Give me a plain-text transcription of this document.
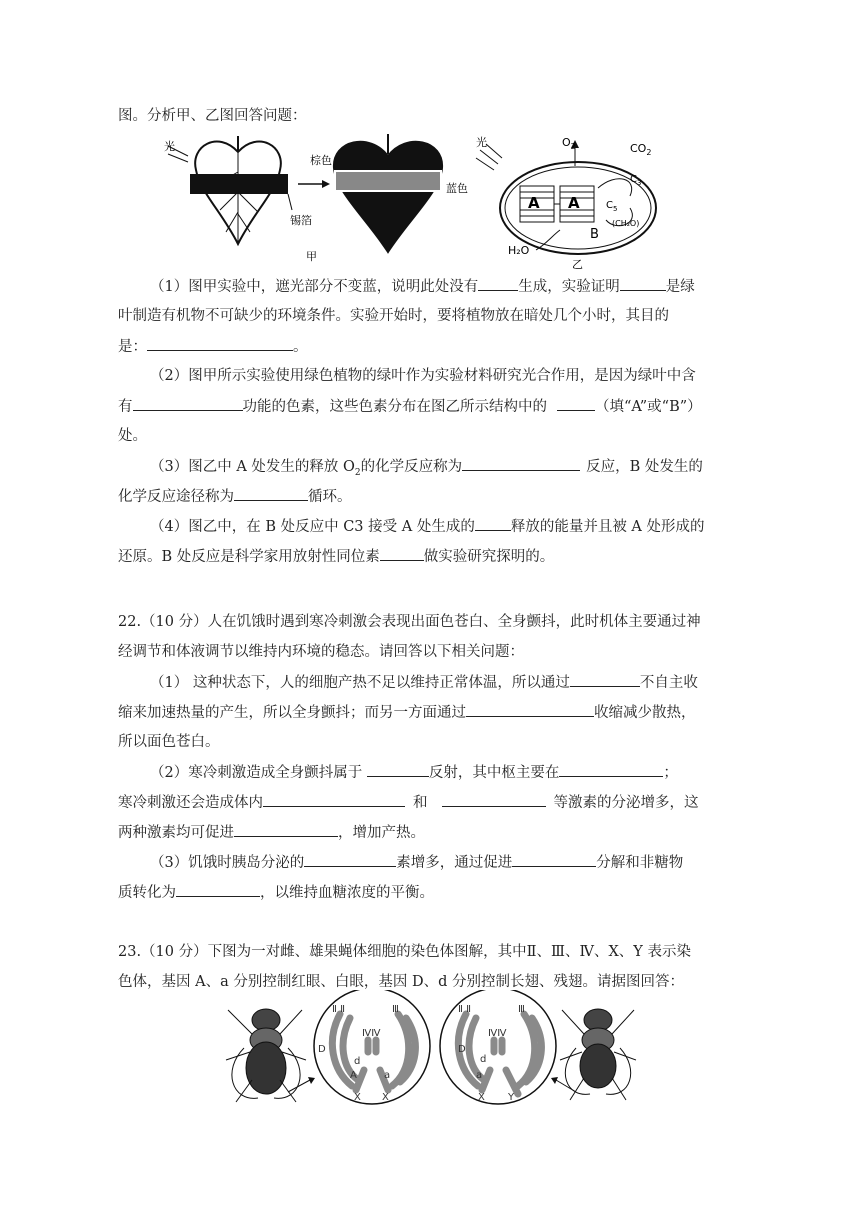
图。分析甲、乙图回答问题：
光
锡箔
棕色
蓝色
甲
光	$O_2$	$CO_2$
$C_3$
$C_5$
(CH₂O)
A A
B
H₂O
乙
（1）图甲实验中，遮光部分不变蓝，说明此处没有	生成，实验证明	是绿
叶制造有机物不可缺少的环境条件。实验开始时，要将植物放在暗处几个小时，其目的
是：	。
（2）图甲所示实验使用绿色植物的绿叶作为实验材料研究光合作用，是因为绿叶中含
有	功能的色素，这些色素分布在图乙所示结构中的	（填“A”或“B”）
处。
（3）图乙中 A 处发生的释放 $O_2$的化学反应称为	反应，B 处发生的
化学反应途径称为	循环。
（4）图乙中，在 B 处反应中 C3 接受 A 处生成的 释放的能量并且被 A 处形成的
还原。B 处反应是科学家用放射性同位素	做实验研究探明的。
22.（10 分）人在饥饿时遇到寒冷刺激会表现出面色苍白、全身颤抖，此时机体主要通过神
经调节和体液调节以维持内环境的稳态。请回答以下相关问题：
（1） 这种状态下，人的细胞产热不足以维持正常体温，所以通过	不自主收
缩来加速热量的产生，所以全身颤抖；而另一方面通过	收缩减少散热，
所以面色苍白。
（2）寒冷刺激造成全身颤抖属于	反射，其中枢主要在	；
寒冷刺激还会造成体内	和	等激素的分泌增多，这
两种激素均可促进	，增加产热。
（3）饥饿时胰岛分泌的	素增多，通过促进	分解和非糖物
质转化为	，以维持血糖浓度的平衡。
23.（10 分）下图为一对雌、雄果蝇体细胞的染色体图解，其中Ⅱ、Ⅲ、Ⅳ、X、Y 表示染
色体，基因 A、a 分别控制红眼、白眼，基因 D、d 分别控制长翅、残翅。请据图回答：
Ⅱ Ⅱ	Ⅲ
ⅣⅣ
D
d
A	a
X X
Ⅱ Ⅱ	Ⅲ
ⅣⅣ
D
d
a
X Y
